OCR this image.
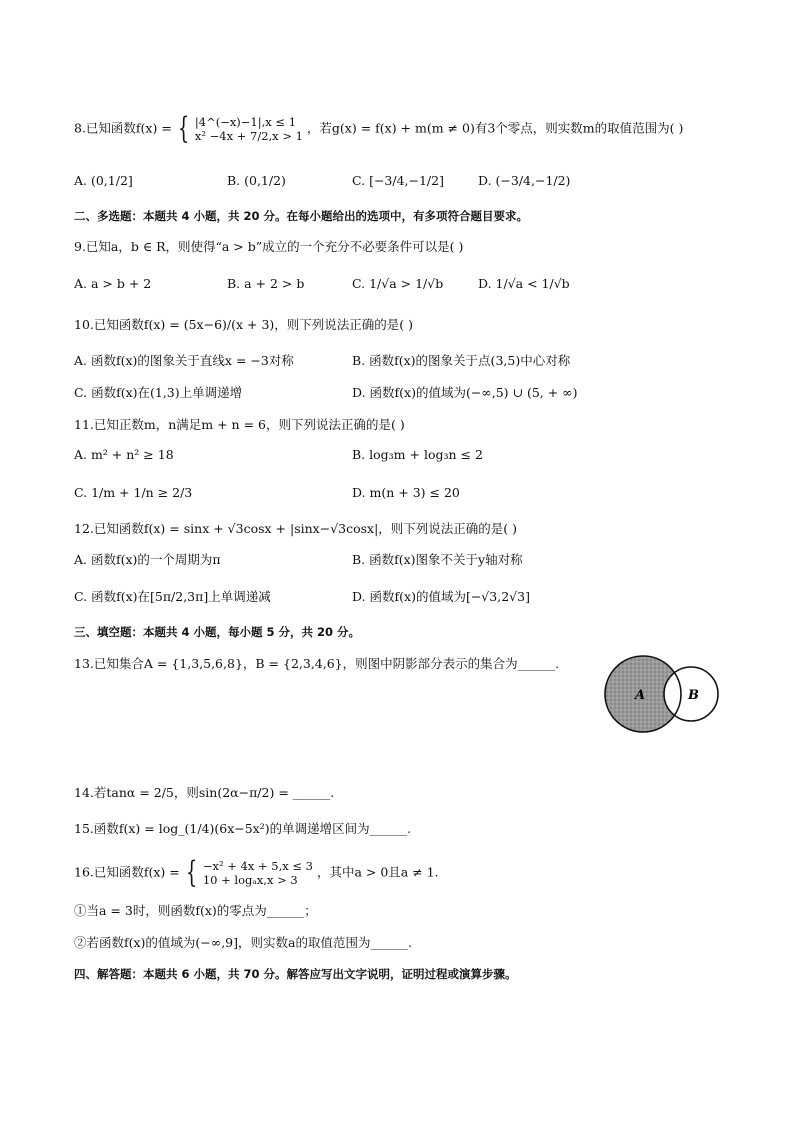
8.已知函数f(x) = { |4^(−x)−1|,x ≤ 1
x² −4x + 7/2,x > 1 ，若g(x) = f(x) + m(m ≠ 0)有3个零点，则实数m的取值范围为( )
A. (0,1/2]	B. (0,1/2)	C. [−3/4,−1/2]	D. (−3/4,−1/2)
二、多选题：本题共 4 小题，共 20 分。在每小题给出的选项中，有多项符合题目要求。
9.已知a，b ∈ R，则使得“a > b”成立的一个充分不必要条件可以是( )
A. a > b + 2	B. a + 2 > b	C. 1/√a > 1/√b	D. 1/√a < 1/√b
10.已知函数f(x) = (5x−6)/(x + 3)，则下列说法正确的是( )
A. 函数f(x)的图象关于直线x = −3对称	B. 函数f(x)的图象关于点(3,5)中心对称
C. 函数f(x)在(1,3)上单调递增	D. 函数f(x)的值域为(−∞,5) ∪ (5, + ∞)
11.已知正数m，n满足m + n = 6，则下列说法正确的是( )
A. m² + n² ≥ 18	B. log₃m + log₃n ≤ 2
C. 1/m + 1/n ≥ 2/3	D. m(n + 3) ≤ 20
12.已知函数f(x) = sinx + √3cosx + |sinx−√3cosx|，则下列说法正确的是( )
A. 函数f(x)的一个周期为π	B. 函数f(x)图象不关于y轴对称
C. 函数f(x)在[5π/2,3π]上单调递减	D. 函数f(x)的值域为[−√3,2√3]
三、填空题：本题共 4 小题，每小题 5 分，共 20 分。
13.已知集合A = {1,3,5,6,8}，B = {2,3,4,6}，则图中阴影部分表示的集合为______.
A	B
14.若tanα = 2/5，则sin(2α−π/2) = ______.
15.函数f(x) = log_(1/4)(6x−5x²)的单调递增区间为______.
16.已知函数f(x) = { −x² + 4x + 5,x ≤ 3
10 + logₐx,x > 3 ，其中a > 0且a ≠ 1.
①当a = 3时，则函数f(x)的零点为______；
②若函数f(x)的值域为(−∞,9]，则实数a的取值范围为______.
四、解答题：本题共 6 小题，共 70 分。解答应写出文字说明，证明过程或演算步骤。
